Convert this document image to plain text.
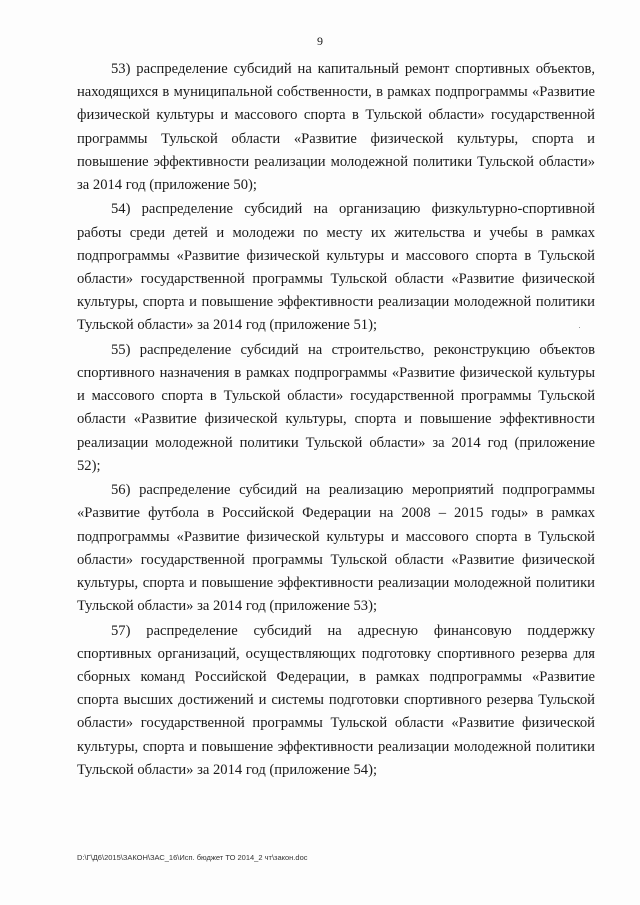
9

53) распределение субсидий на капитальный ремонт спортивных объектов, находящихся в муниципальной собственности, в рамках подпрограммы «Развитие физической культуры и массового спорта в Тульской области» государственной программы Тульской области «Развитие физической культуры, спорта и повышение эффективности реализации молодежной политики Тульской области» за 2014 год (приложение 50);

54) распределение субсидий на организацию физкультурно-спортивной работы среди детей и молодежи по месту их жительства и учебы в рамках подпрограммы «Развитие физической культуры и массового спорта в Тульской области» государственной программы Тульской области «Развитие физической культуры, спорта и повышение эффективности реализации молодежной политики Тульской области» за 2014 год (приложение 51);

55) распределение субсидий на строительство, реконструкцию объектов спортивного назначения в рамках подпрограммы «Развитие физической культуры и массового спорта в Тульской области» государственной программы Тульской области «Развитие физической культуры, спорта и повышение эффективности реализации молодежной политики Тульской области» за 2014 год (приложение 52);

56) распределение субсидий на реализацию мероприятий подпрограммы «Развитие футбола в Российской Федерации на 2008 – 2015 годы» в рамках подпрограммы «Развитие физической культуры и массового спорта в Тульской области» государственной программы Тульской области «Развитие физической культуры, спорта и повышение эффективности реализации молодежной политики Тульской области» за 2014 год (приложение 53);

57) распределение субсидий на адресную финансовую поддержку спортивных организаций, осуществляющих подготовку спортивного резерва для сборных команд Российской Федерации, в рамках подпрограммы «Развитие спорта высших достижений и системы подготовки спортивного резерва Тульской области» государственной программы Тульской области «Развитие физической культуры, спорта и повышение эффективности реализации молодежной политики Тульской области» за 2014 год (приложение 54);

D:\Г\Д6\2015\ЗАКОН\ЗАС_16\Исп. бюджет ТО 2014_2 чт\закон.doc
·
